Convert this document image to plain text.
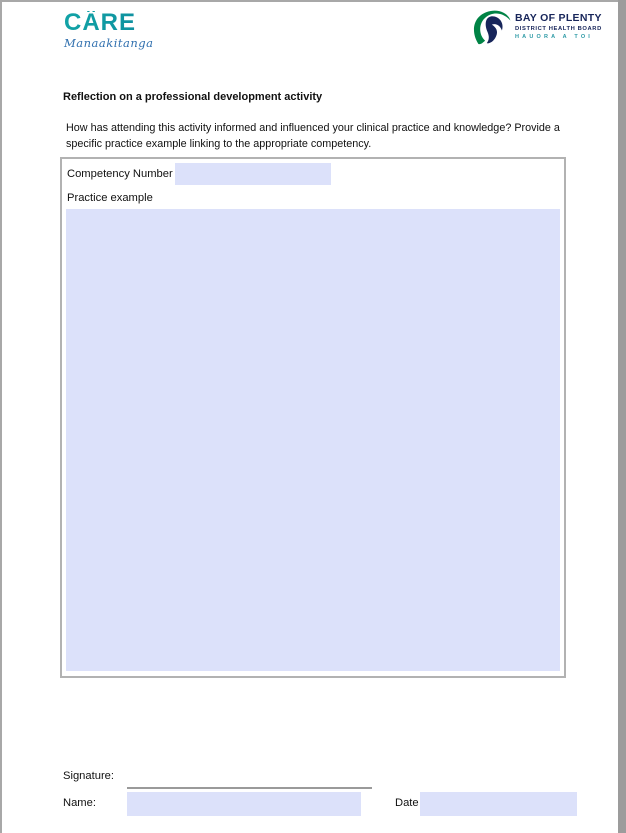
CÄRE
Manaakitanga
BAY OF PLENTY
DISTRICT HEALTH BOARD
HAUORA A TOI
Reflection on a professional development activity
How has attending this activity informed and influenced your clinical practice and knowledge? Provide a specific practice example linking to the appropriate competency.
Competency Number
Practice example
Signature:
Name:	Date
